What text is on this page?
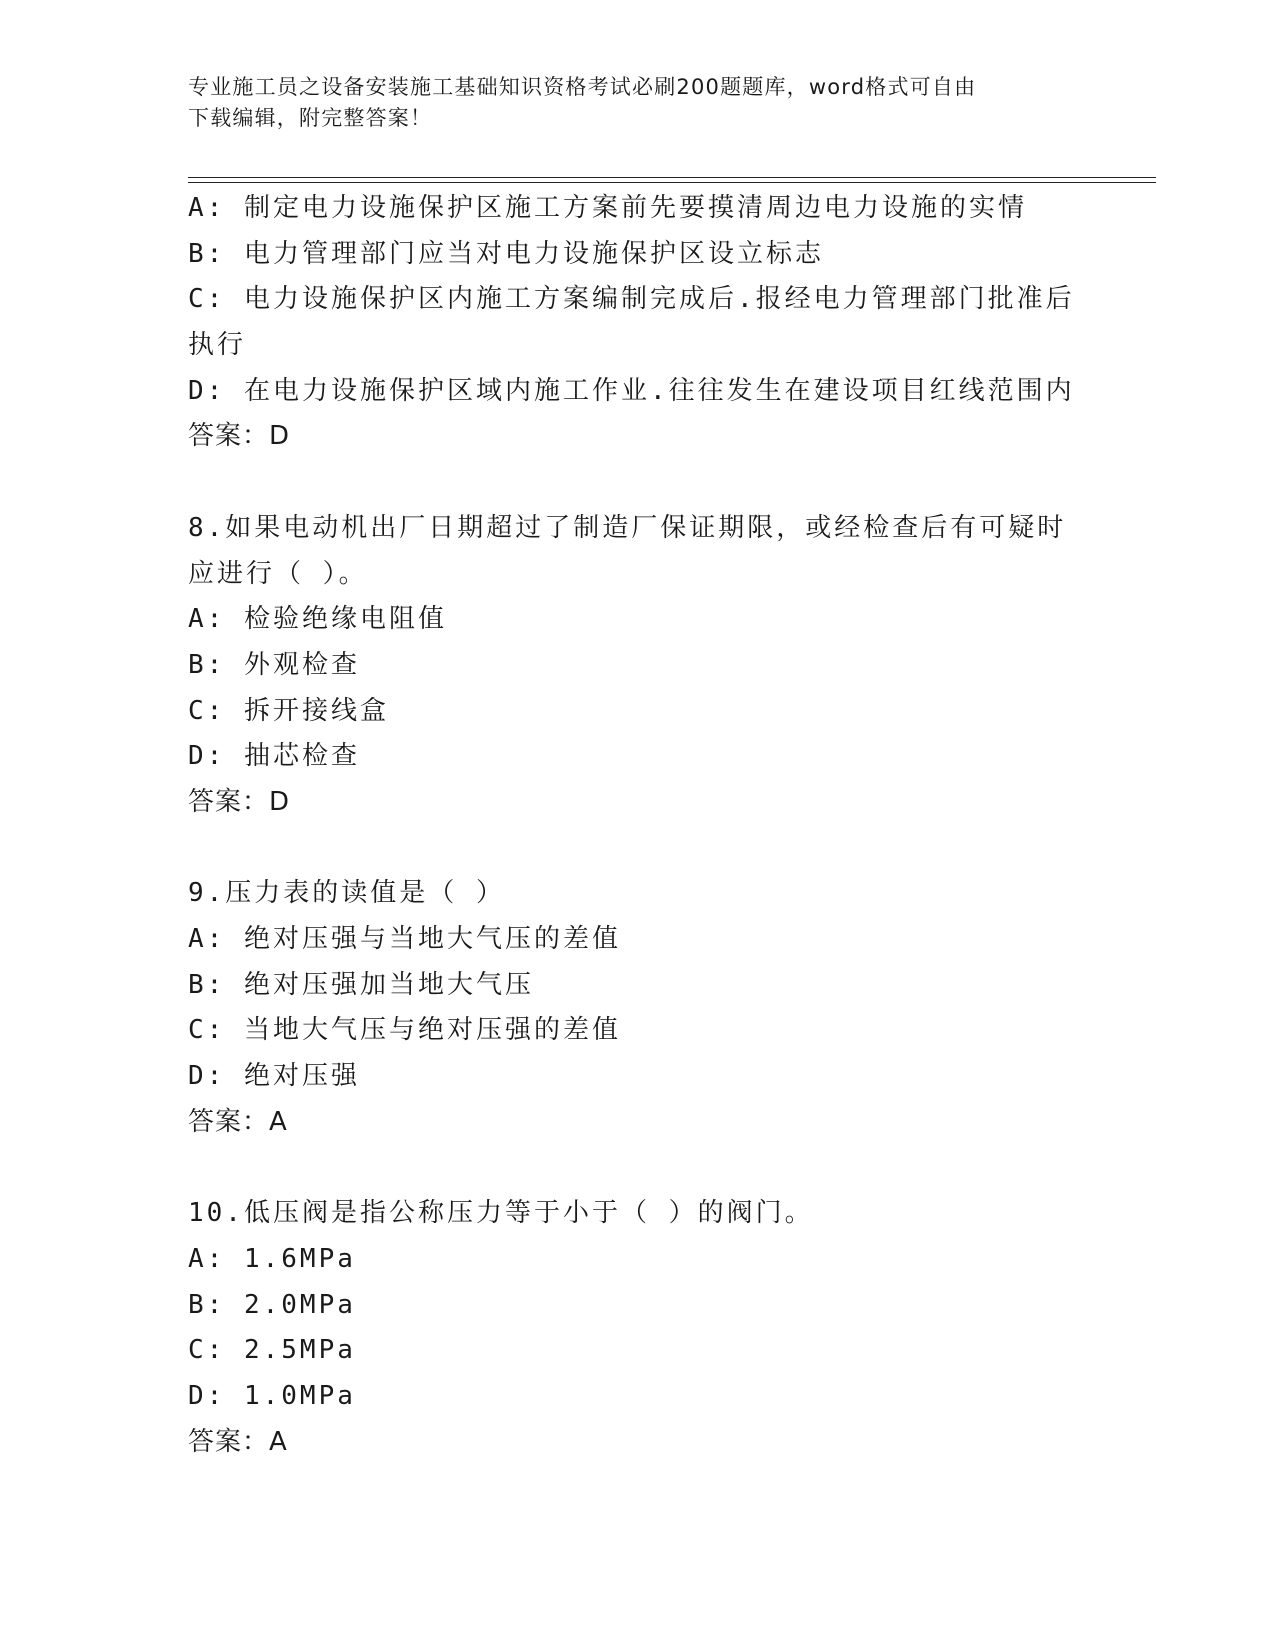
专业施工员之设备安装施工基础知识资格考试必刷200题题库，word格式可自由
下载编辑，附完整答案！
A: 制定电力设施保护区施工方案前先要摸清周边电力设施的实情
B: 电力管理部门应当对电力设施保护区设立标志
C: 电力设施保护区内施工方案编制完成后.报经电力管理部门批准后
执行
D: 在电力设施保护区域内施工作业.往往发生在建设项目红线范围内
答案：D
8.如果电动机出厂日期超过了制造厂保证期限，或经检查后有可疑时
应进行（ ）。
A: 检验绝缘电阻值
B: 外观检查
C: 拆开接线盒
D: 抽芯检查
答案：D
9.压力表的读值是（ ）
A: 绝对压强与当地大气压的差值
B: 绝对压强加当地大气压
C: 当地大气压与绝对压强的差值
D: 绝对压强
答案：A
10.低压阀是指公称压力等于小于（ ）的阀门。
A: 1.6MPa
B: 2.0MPa
C: 2.5MPa
D: 1.0MPa
答案：A
